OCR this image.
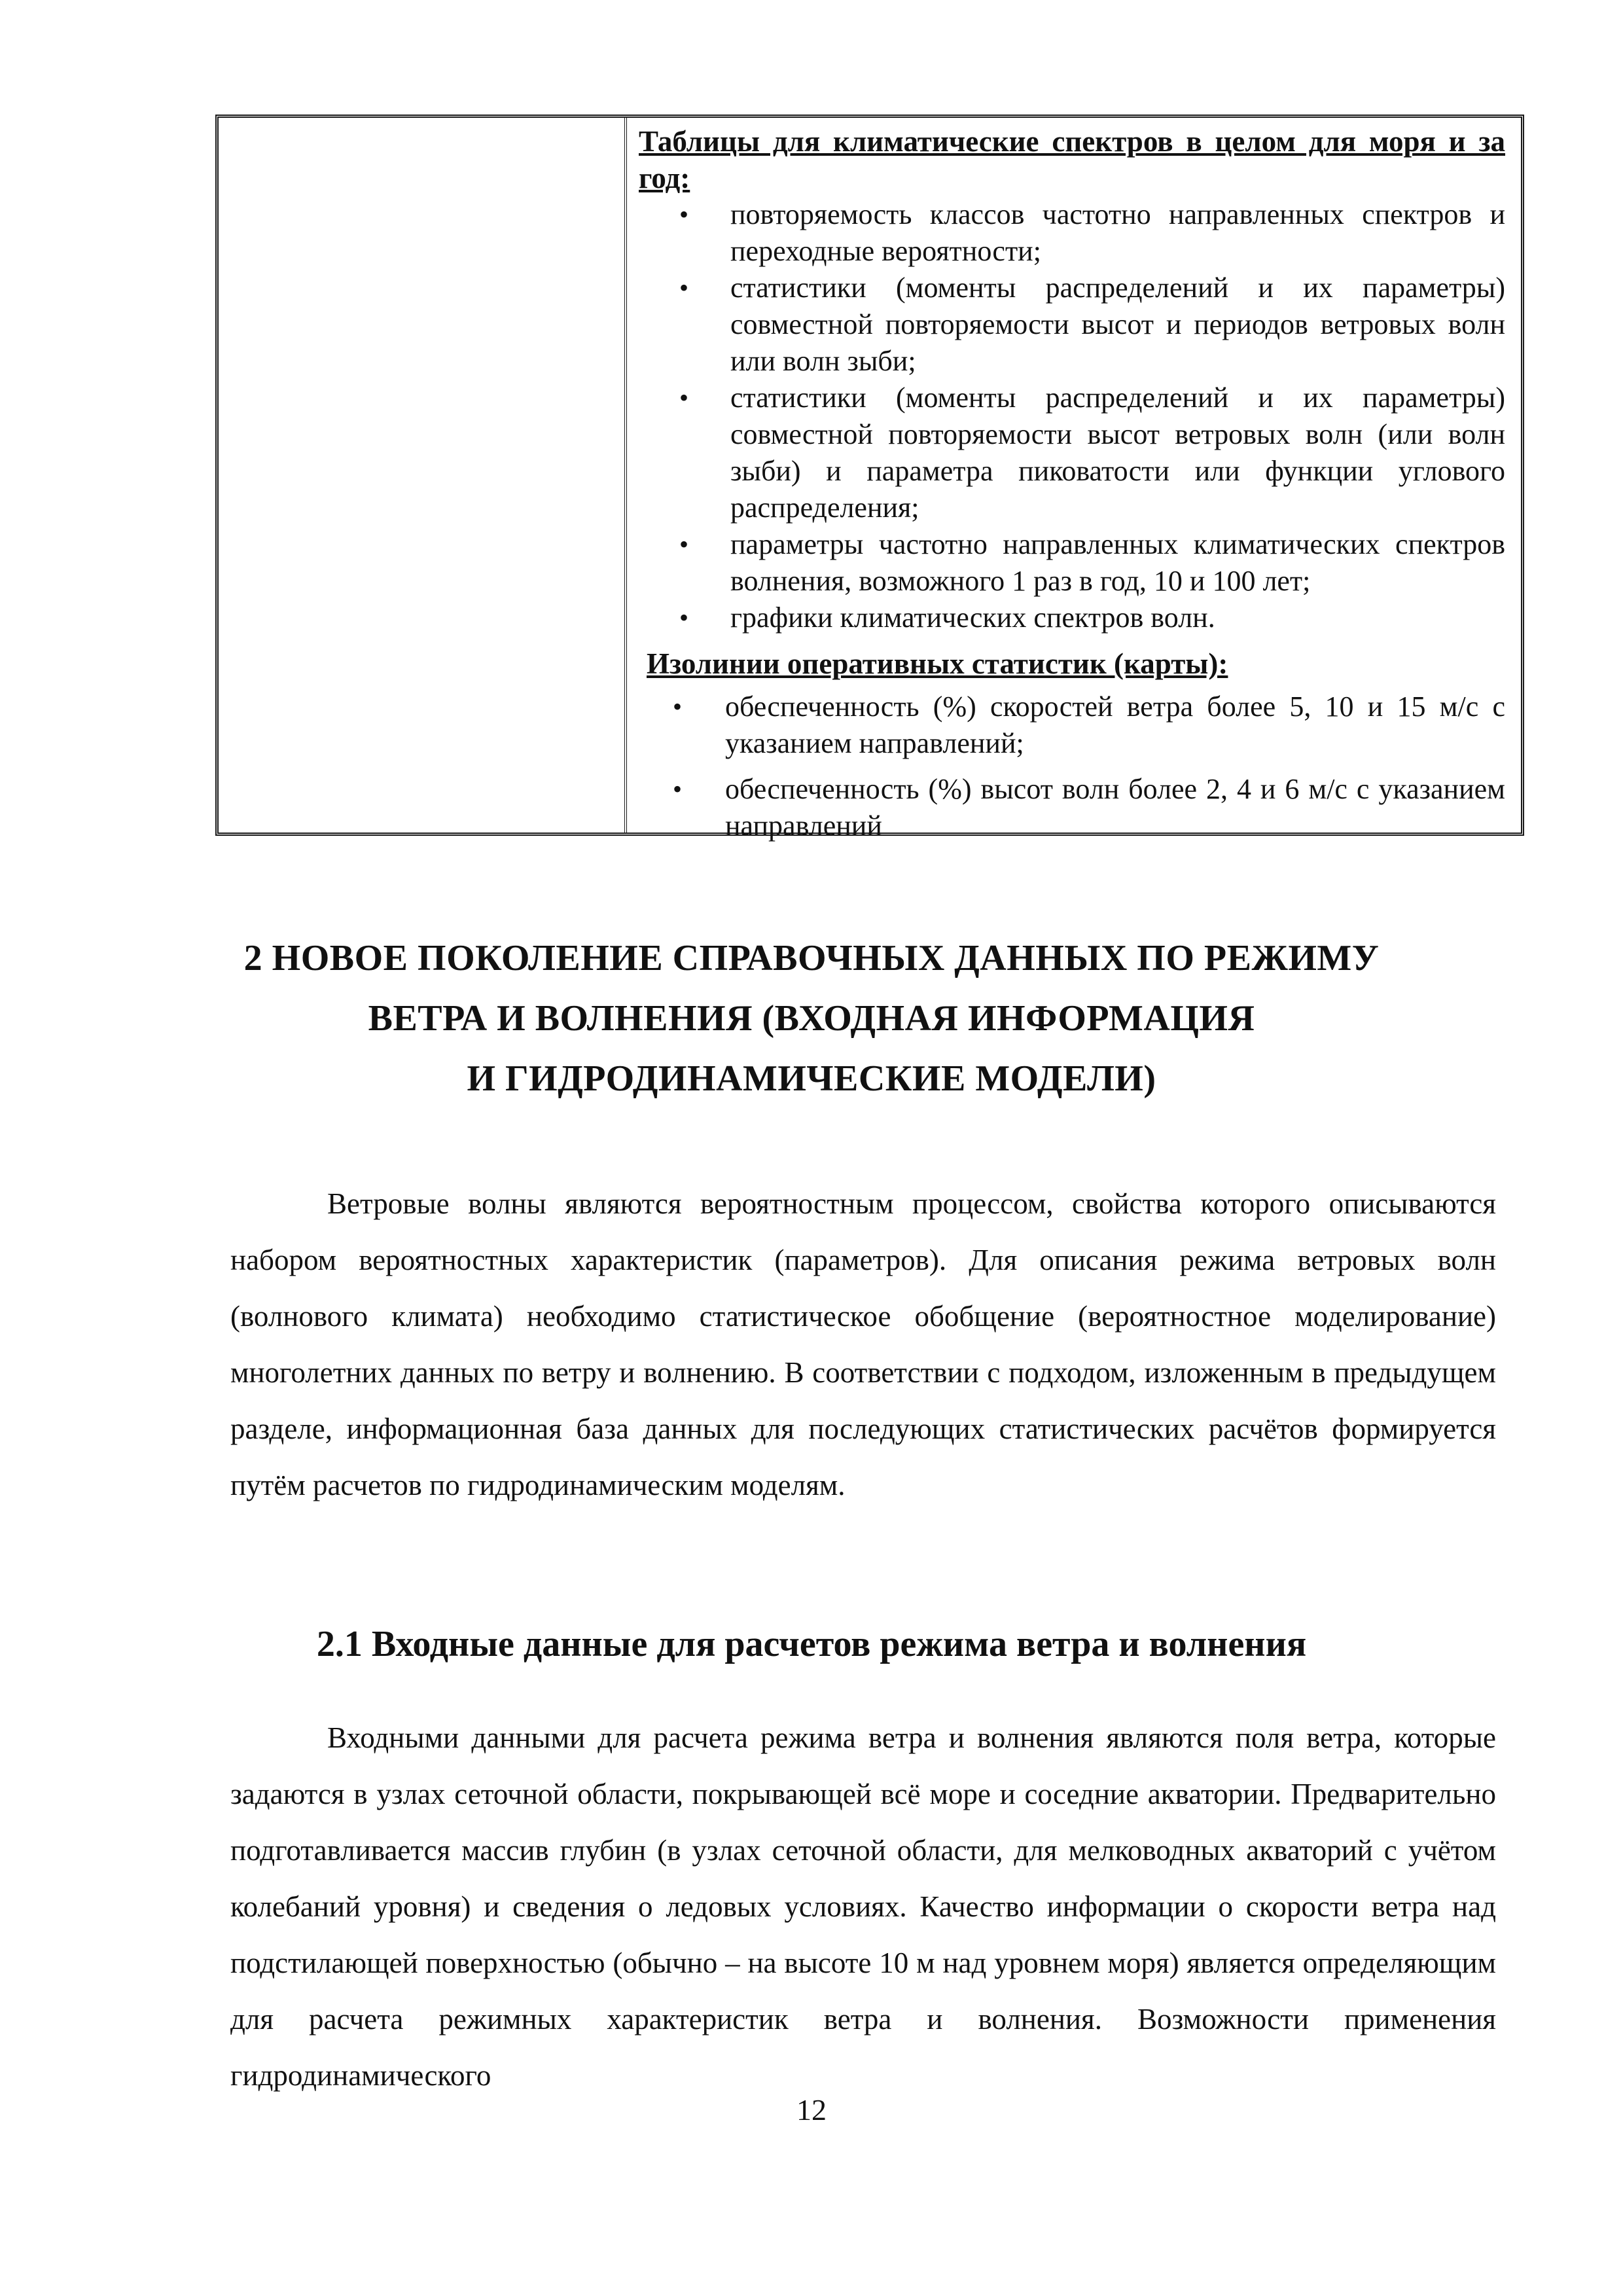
Таблицы для климатические спектров в целом для моря и за год:
• повторяемость классов частотно направленных спектров и переходные вероятности;
• статистики (моменты распределений и их параметры) совместной повторяемости высот и периодов ветровых волн или волн зыби;
• статистики (моменты распределений и их параметры) совместной повторяемости высот ветровых волн (или волн зыби) и параметра пиковатости или функции углового распределения;
• параметры частотно направленных климатических спектров волнения, возможного 1 раз в год, 10 и 100 лет;
• графики климатических спектров волн.
Изолинии оперативных статистик (карты):
• обеспеченность (%) скоростей ветра более 5, 10 и 15 м/с с указанием направлений;
• обеспеченность (%) высот волн более 2, 4 и 6 м/с с указанием направлений
2 НОВОЕ ПОКОЛЕНИЕ СПРАВОЧНЫХ ДАННЫХ ПО РЕЖИМУ
ВЕТРА И ВОЛНЕНИЯ (ВХОДНАЯ ИНФОРМАЦИЯ
И ГИДРОДИНАМИЧЕСКИЕ МОДЕЛИ)
Ветровые волны являются вероятностным процессом, свойства которого описываются набором вероятностных характеристик (параметров). Для описания режима ветровых волн (волнового климата) необходимо статистическое обобщение (вероятностное моделирование) многолетних данных по ветру и волнению. В соответствии с подходом, изложенным в предыдущем разделе, информационная база данных для последующих статистических расчётов формируется путём расчетов по гидродинамическим моделям.
2.1 Входные данные для расчетов режима ветра и волнения
Входными данными для расчета режима ветра и волнения являются поля ветра, которые задаются в узлах сеточной области, покрывающей всё море и соседние акватории. Предварительно подготавливается массив глубин (в узлах сеточной области, для мелководных акваторий с учётом колебаний уровня) и сведения о ледовых условиях. Качество информации о скорости ветра над подстилающей поверхностью (обычно – на высоте 10 м над уровнем моря) является определяющим для расчета режимных характеристик ветра и волнения. Возможности применения гидродинамического
12
